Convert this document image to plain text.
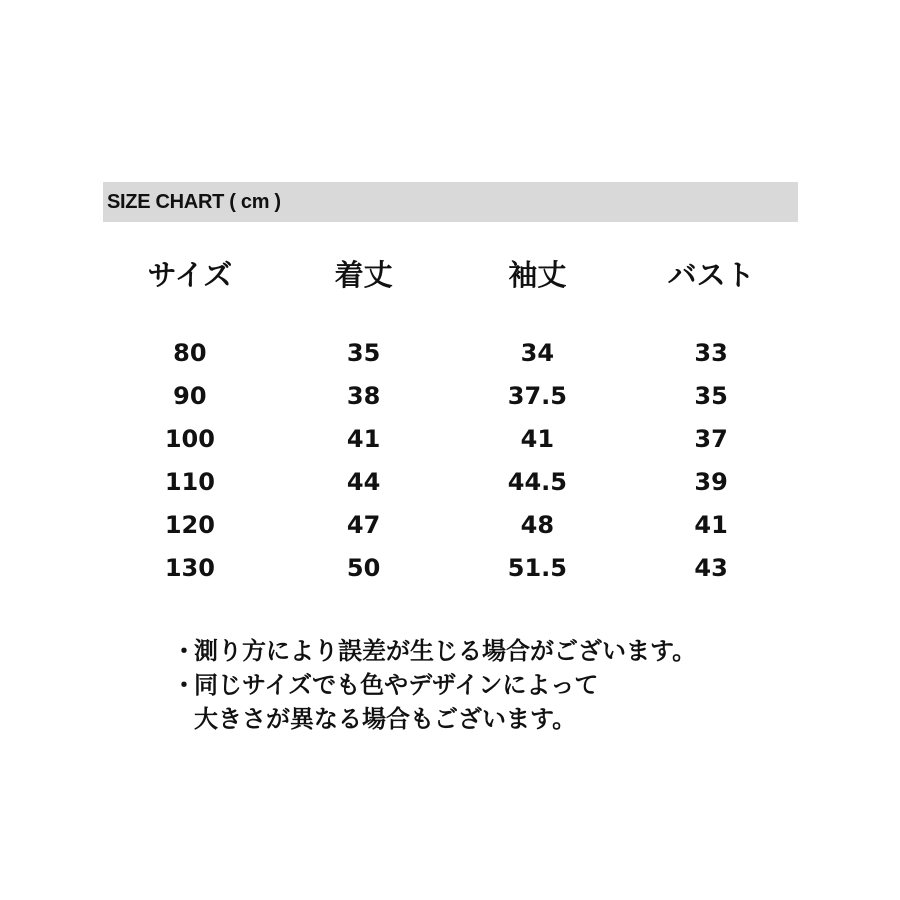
SIZE CHART ( cm )
サイズ	着丈	袖丈	バスト

80	35	34	33
90	38	37.5	35
100	41	41	37
110	44	44.5	39
120	47	48	41
130	50	51.5	43
・測り方により誤差が生じる場合がございます。
・同じサイズでも色やデザインによって
大きさが異なる場合もございます。
